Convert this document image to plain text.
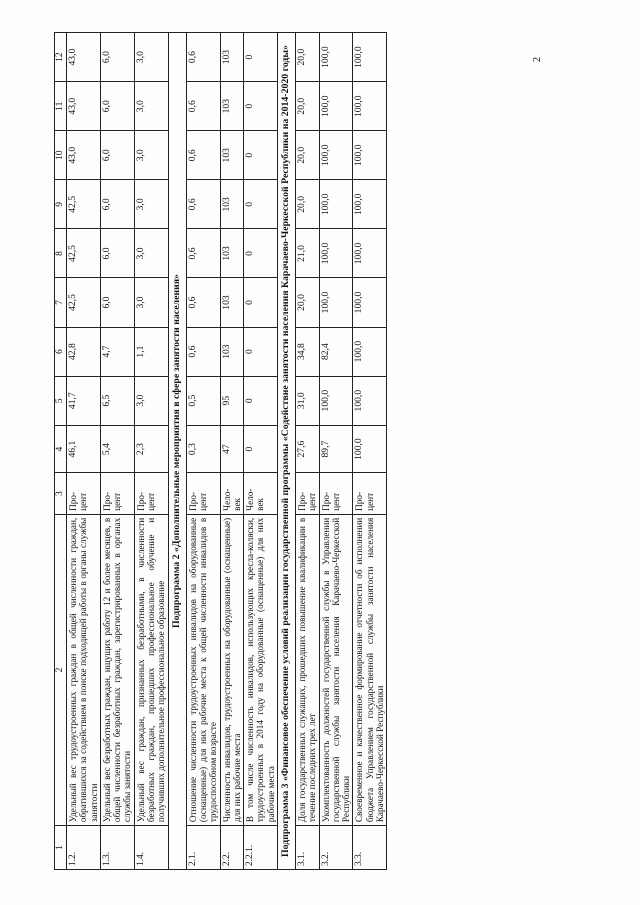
2
1	2	3	4	5	6	7	8	9	10	11	12
1.2.	Удельный вес трудоустроенных граждан в общей численности граждан, обратившихся за содействием в поиске подходящей работы в органы службы занятости	Про-цент	46,1	41,7	42,8	42,5	42,5	42,5	43,0	43,0	43,0
1.3.	Удельный вес безработных граждан, ищущих работу 12 и более месяцев, в общей численности безработных граждан, зарегистрированных в органах службы занятости	Про-цент	5,4	6,5	4,7	6,0	6,0	6,0	6,0	6,0	6,0
1.4.	Удельный вес граждан, признанных безработными, в численности безработных граждан, прошедших профессиональное обучение и получивших дополнительное профессиональное образование	Про-цент	2,3	3,0	1,1	3,0	3,0	3,0	3,0	3,0	3,0
Подпрограмма 2 «Дополнительные мероприятия в сфере занятости населения»											
2.1.	Отношение численности трудоустроенных инвалидов на оборудованные (оснащенные) для них рабочие места к общей численности инвалидов в трудоспособном возрасте	Про-цент	0,3	0,5	0,6	0,6	0,6	0,6	0,6	0,6	0,6
2.2.	Численность инвалидов, трудоустроенных на оборудованные (оснащенные) для них рабочие места	Чело-век	47	95	103	103	103	103	103	103	103
2.2.1.	В том числе численность инвалидов, использующих кресла-коляски, трудоустроенных в 2014 году на оборудованные (оснащенные) для них рабочие места	Чело-век	0	0	0	0	0	0	0	0	0
Подпрограмма 3 «Финансовое обеспечение условий реализации государственной программы «Содействие занятости населения Карачаево-Черкесской Республики на 2014-2020 годы»											
3.1.	Доля государственных служащих, прошедших повышение квалификации в течение последних трех лет	Про-цент	27,6	31,0	34,8	20,0	21,0	20,0	20,0	20,0	20,0
3.2.	Укомплектованность должностей государственной службы в Управлении государственной службы занятости населения Карачаево-Черкесской Республики	Про-цент	89,7	100,0	82,4	100,0	100,0	100,0	100,0	100,0	100,0
3.3.	Своевременное и качественное формирование отчетности об исполнении бюджета Управлением государственной службы занятости населения Карачаево-Черкесской Республики	Про-цент	100,0	100,0	100,0	100,0	100,0	100,0	100,0	100,0	100,0
